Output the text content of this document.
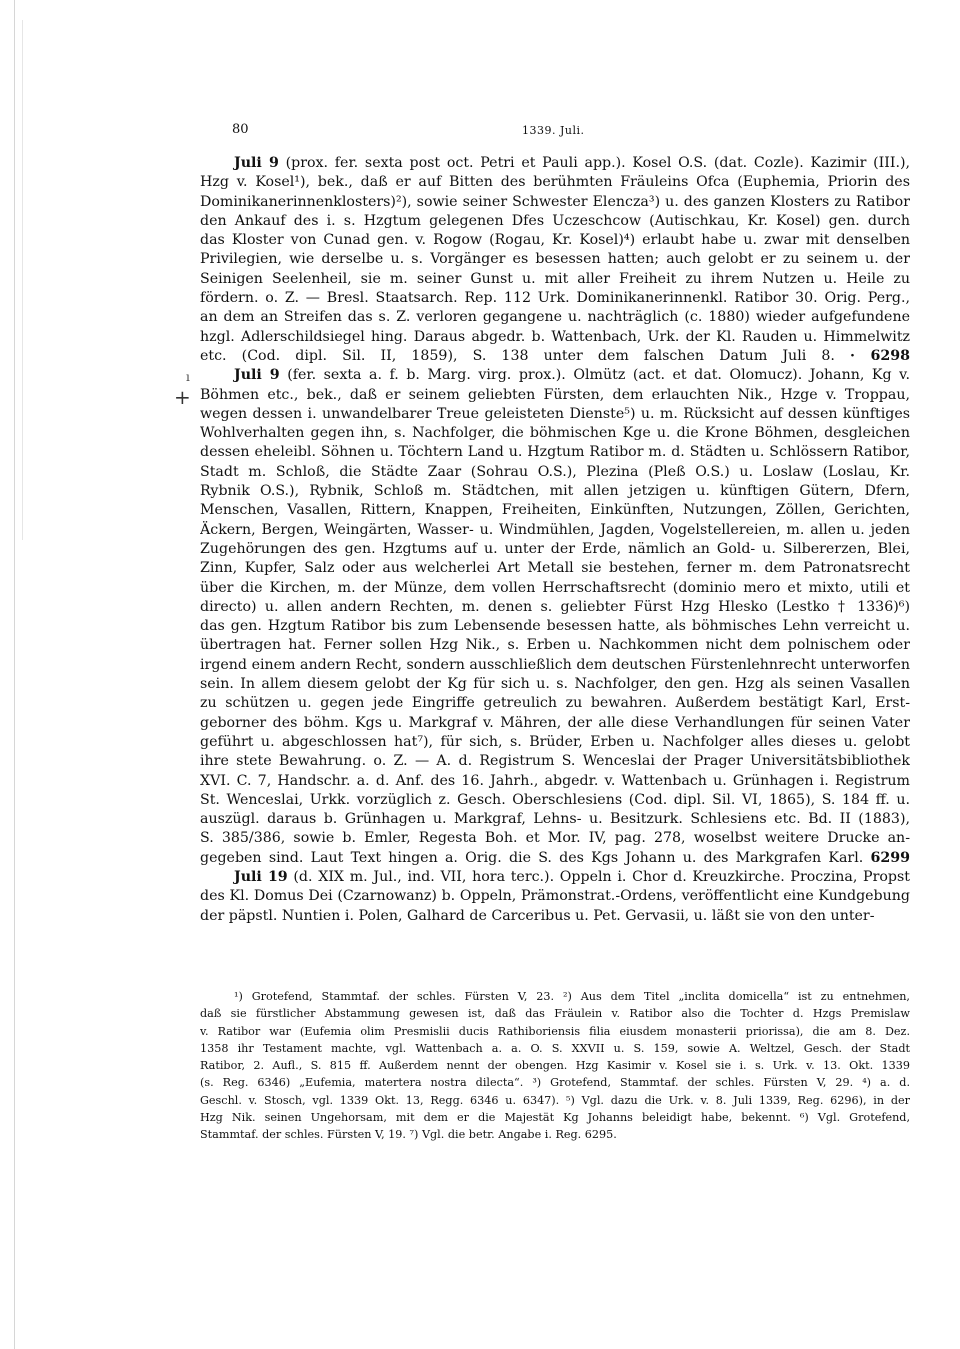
80	1339. Juli.
ı
+
Juli 9 (prox. fer. sexta post oct. Petri et Pauli app.). Kosel O.S. (dat. Cozle). Kazimir (III.),
Hzg v. Kosel¹), bek., daß er auf Bitten des berühmten Fräuleins Ofca (Euphemia, Priorin des
Dominikanerinnenklosters)²), sowie seiner Schwester Elencza³) u. des ganzen Klosters zu Ratibor
den Ankauf des i. s. Hzgtum gelegenen Dfes Uczeschcow (Autischkau, Kr. Kosel) gen. durch
das Kloster von Cunad gen. v. Rogow (Rogau, Kr. Kosel)⁴) erlaubt habe u. zwar mit denselben
Privilegien, wie derselbe u. s. Vorgänger es besessen hatten; auch gelobt er zu seinem u. der
Seinigen Seelenheil, sie m. seiner Gunst u. mit aller Freiheit zu ihrem Nutzen u. Heile zu
fördern. o. Z. — Bresl. Staatsarch. Rep. 112 Urk. Dominikanerinnenkl. Ratibor 30. Orig. Perg.,
an dem an Streifen das s. Z. verloren gegangene u. nachträglich (c. 1880) wieder aufgefundene
hzgl. Adlerschildsiegel hing. Daraus abgedr. b. Wattenbach, Urk. der Kl. Rauden u. Himmelwitz
etc. (Cod. dipl. Sil. II, 1859), S. 138 unter dem falschen Datum Juli 8. · 6298
Juli 9 (fer. sexta a. f. b. Marg. virg. prox.). Olmütz (act. et dat. Olomucz). Johann, Kg v.
Böhmen etc., bek., daß er seinem geliebten Fürsten, dem erlauchten Nik., Hzge v. Troppau,
wegen dessen i. unwandelbarer Treue geleisteten Dienste⁵) u. m. Rücksicht auf dessen künftiges
Wohlverhalten gegen ihn, s. Nachfolger, die böhmischen Kge u. die Krone Böhmen, desgleichen
dessen eheleibl. Söhnen u. Töchtern Land u. Hzgtum Ratibor m. d. Städten u. Schlössern Ratibor,
Stadt m. Schloß, die Städte Zaar (Sohrau O.S.), Plezina (Pleß O.S.) u. Loslaw (Loslau, Kr.
Rybnik O.S.), Rybnik, Schloß m. Städtchen, mit allen jetzigen u. künftigen Gütern, Dfern,
Menschen, Vasallen, Rittern, Knappen, Freiheiten, Einkünften, Nutzungen, Zöllen, Gerichten,
Äckern, Bergen, Weingärten, Wasser- u. Windmühlen, Jagden, Vogelstellereien, m. allen u. jeden
Zugehörungen des gen. Hzgtums auf u. unter der Erde, nämlich an Gold- u. Silbererzen, Blei,
Zinn, Kupfer, Salz oder aus welcherlei Art Metall sie bestehen, ferner m. dem Patronatsrecht
über die Kirchen, m. der Münze, dem vollen Herrschaftsrecht (dominio mero et mixto, utili et
directo) u. allen andern Rechten, m. denen s. geliebter Fürst Hzg Hlesko (Lestko † 1336)⁶)
das gen. Hzgtum Ratibor bis zum Lebensende besessen hatte, als böhmisches Lehn verreicht u.
übertragen hat. Ferner sollen Hzg Nik., s. Erben u. Nachkommen nicht dem polnischem oder
irgend einem andern Recht, sondern ausschließlich dem deutschen Fürstenlehnrecht unterworfen
sein. In allem diesem gelobt der Kg für sich u. s. Nachfolger, den gen. Hzg als seinen Vasallen
zu schützen u. gegen jede Eingriffe getreulich zu bewahren. Außerdem bestätigt Karl, Erst-
geborner des böhm. Kgs u. Markgraf v. Mähren, der alle diese Verhandlungen für seinen Vater
geführt u. abgeschlossen hat⁷), für sich, s. Brüder, Erben u. Nachfolger alles dieses u. gelobt
ihre stete Bewahrung. o. Z. — A. d. Registrum S. Wenceslai der Prager Universitätsbibliothek
XVI. C. 7, Handschr. a. d. Anf. des 16. Jahrh., abgedr. v. Wattenbach u. Grünhagen i. Registrum
St. Wenceslai, Urkk. vorzüglich z. Gesch. Oberschlesiens (Cod. dipl. Sil. VI, 1865), S. 184 ff. u.
auszügl. daraus b. Grünhagen u. Markgraf, Lehns- u. Besitzurk. Schlesiens etc. Bd. II (1883),
S. 385/386, sowie b. Emler, Regesta Boh. et Mor. IV, pag. 278, woselbst weitere Drucke an-
gegeben sind. Laut Text hingen a. Orig. die S. des Kgs Johann u. des Markgrafen Karl. 6299
Juli 19 (d. XIX m. Jul., ind. VII, hora terc.). Oppeln i. Chor d. Kreuzkirche. Proczina, Propst
des Kl. Domus Dei (Czarnowanz) b. Oppeln, Prämonstrat.-Ordens, veröffentlicht eine Kundgebung
der päpstl. Nuntien i. Polen, Galhard de Carceribus u. Pet. Gervasii, u. läßt sie von den unter-
¹) Grotefend, Stammtaf. der schles. Fürsten V, 23. ²) Aus dem Titel „inclita domicella“ ist zu entnehmen,
daß sie fürstlicher Abstammung gewesen ist, daß das Fräulein v. Ratibor also die Tochter d. Hzgs Premislaw
v. Ratibor war (Eufemia olim Presmislii ducis Rathiboriensis filia eiusdem monasterii priorissa), die am 8. Dez.
1358 ihr Testament machte, vgl. Wattenbach a. a. O. S. XXVII u. S. 159, sowie A. Weltzel, Gesch. der Stadt
Ratibor, 2. Aufl., S. 815 ff. Außerdem nennt der obengen. Hzg Kasimir v. Kosel sie i. s. Urk. v. 13. Okt. 1339
(s. Reg. 6346) „Eufemia, matertera nostra dilecta“. ³) Grotefend, Stammtaf. der schles. Fürsten V, 29. ⁴) a. d.
Geschl. v. Stosch, vgl. 1339 Okt. 13, Regg. 6346 u. 6347). ⁵) Vgl. dazu die Urk. v. 8. Juli 1339, Reg. 6296), in der
Hzg Nik. seinen Ungehorsam, mit dem er die Majestät Kg Johanns beleidigt habe, bekennt. ⁶) Vgl. Grotefend,
Stammtaf. der schles. Fürsten V, 19. ⁷) Vgl. die betr. Angabe i. Reg. 6295.
